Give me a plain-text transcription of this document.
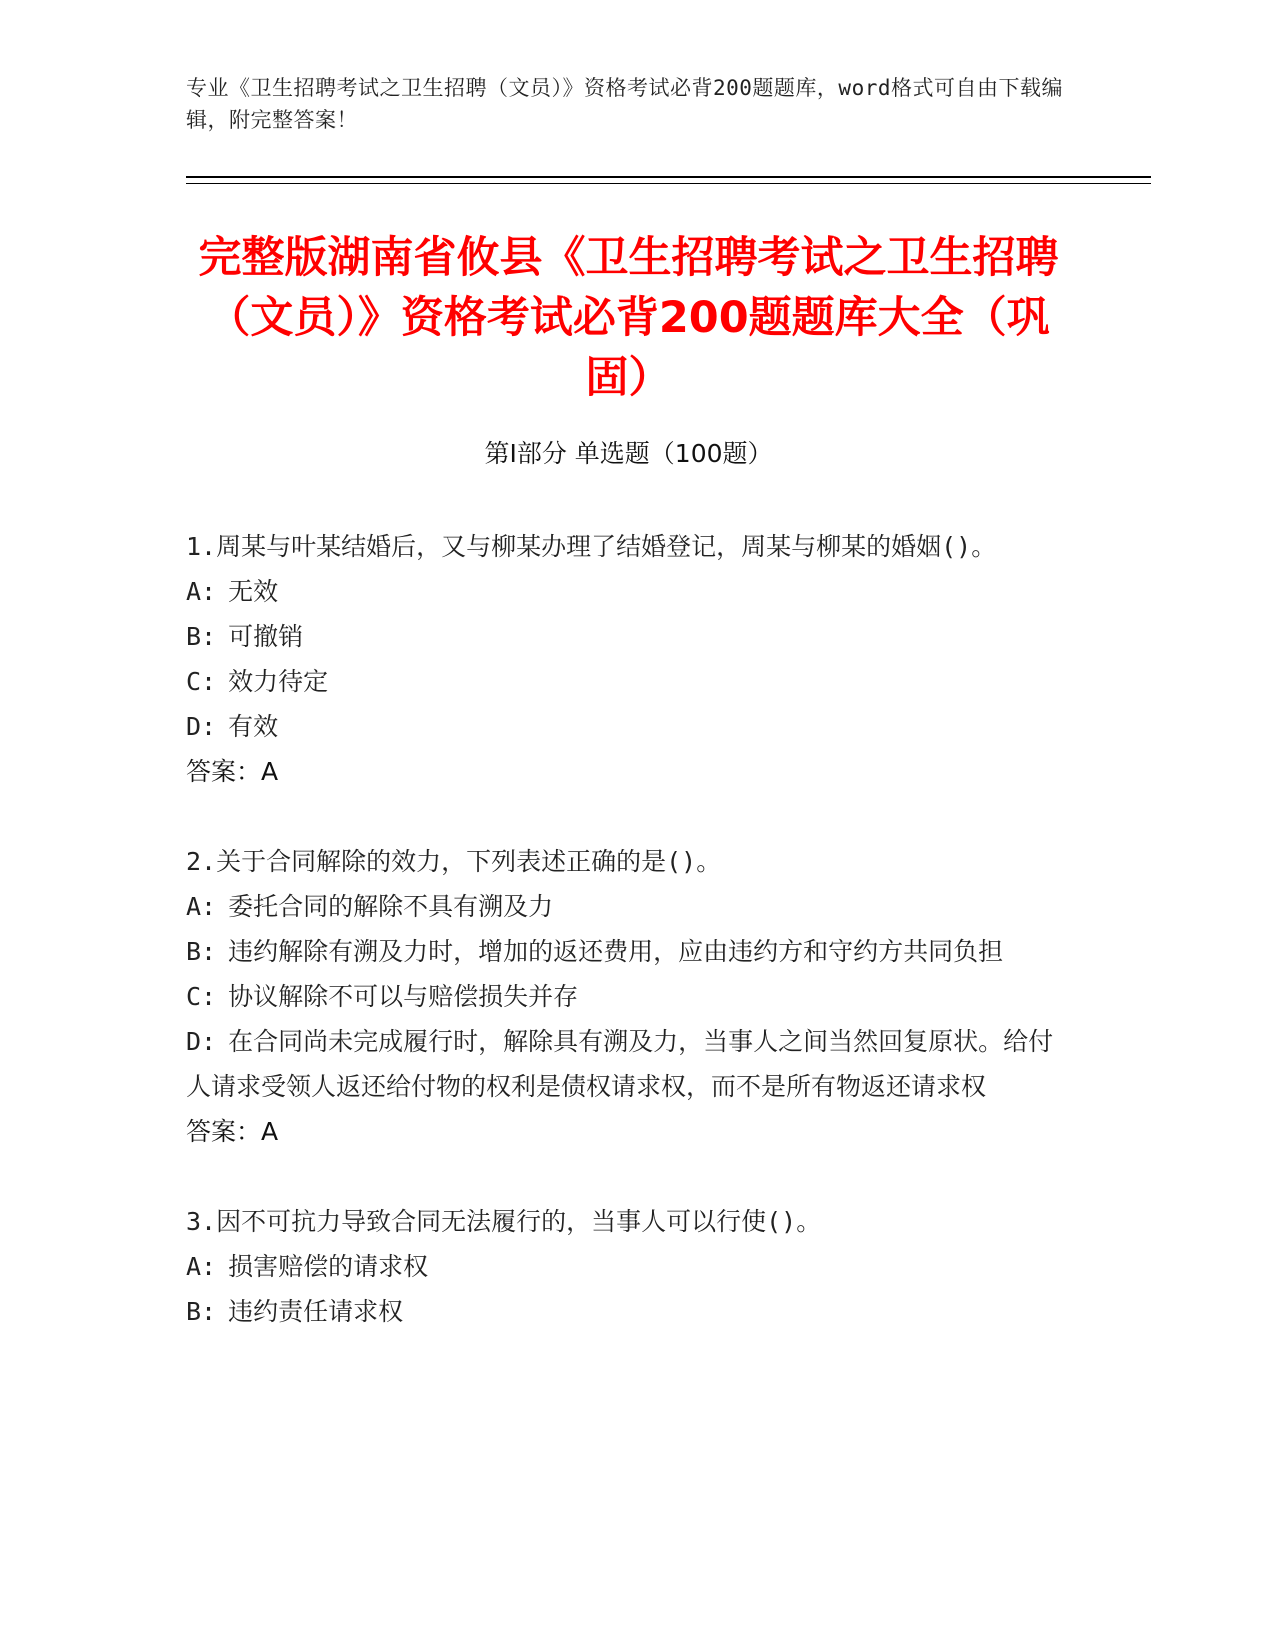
专业《卫生招聘考试之卫生招聘（文员）》资格考试必背200题题库，word格式可自由下载编辑，附完整答案！
完整版湖南省攸县《卫生招聘考试之卫生招聘（文员）》资格考试必背200题题库大全（巩固）
第I部分 单选题（100题）

1.周某与叶某结婚后，又与柳某办理了结婚登记，周某与柳某的婚姻()。

A: 无效

B: 可撤销

C: 效力待定

D: 有效

答案：A

2.关于合同解除的效力，下列表述正确的是()。

A: 委托合同的解除不具有溯及力

B: 违约解除有溯及力时，增加的返还费用，应由违约方和守约方共同负担

C: 协议解除不可以与赔偿损失并存

D: 在合同尚未完成履行时，解除具有溯及力，当事人之间当然回复原状。给付人请求受领人返还给付物的权利是债权请求权，而不是所有物返还请求权

答案：A

3.因不可抗力导致合同无法履行的，当事人可以行使()。

A: 损害赔偿的请求权

B: 违约责任请求权
